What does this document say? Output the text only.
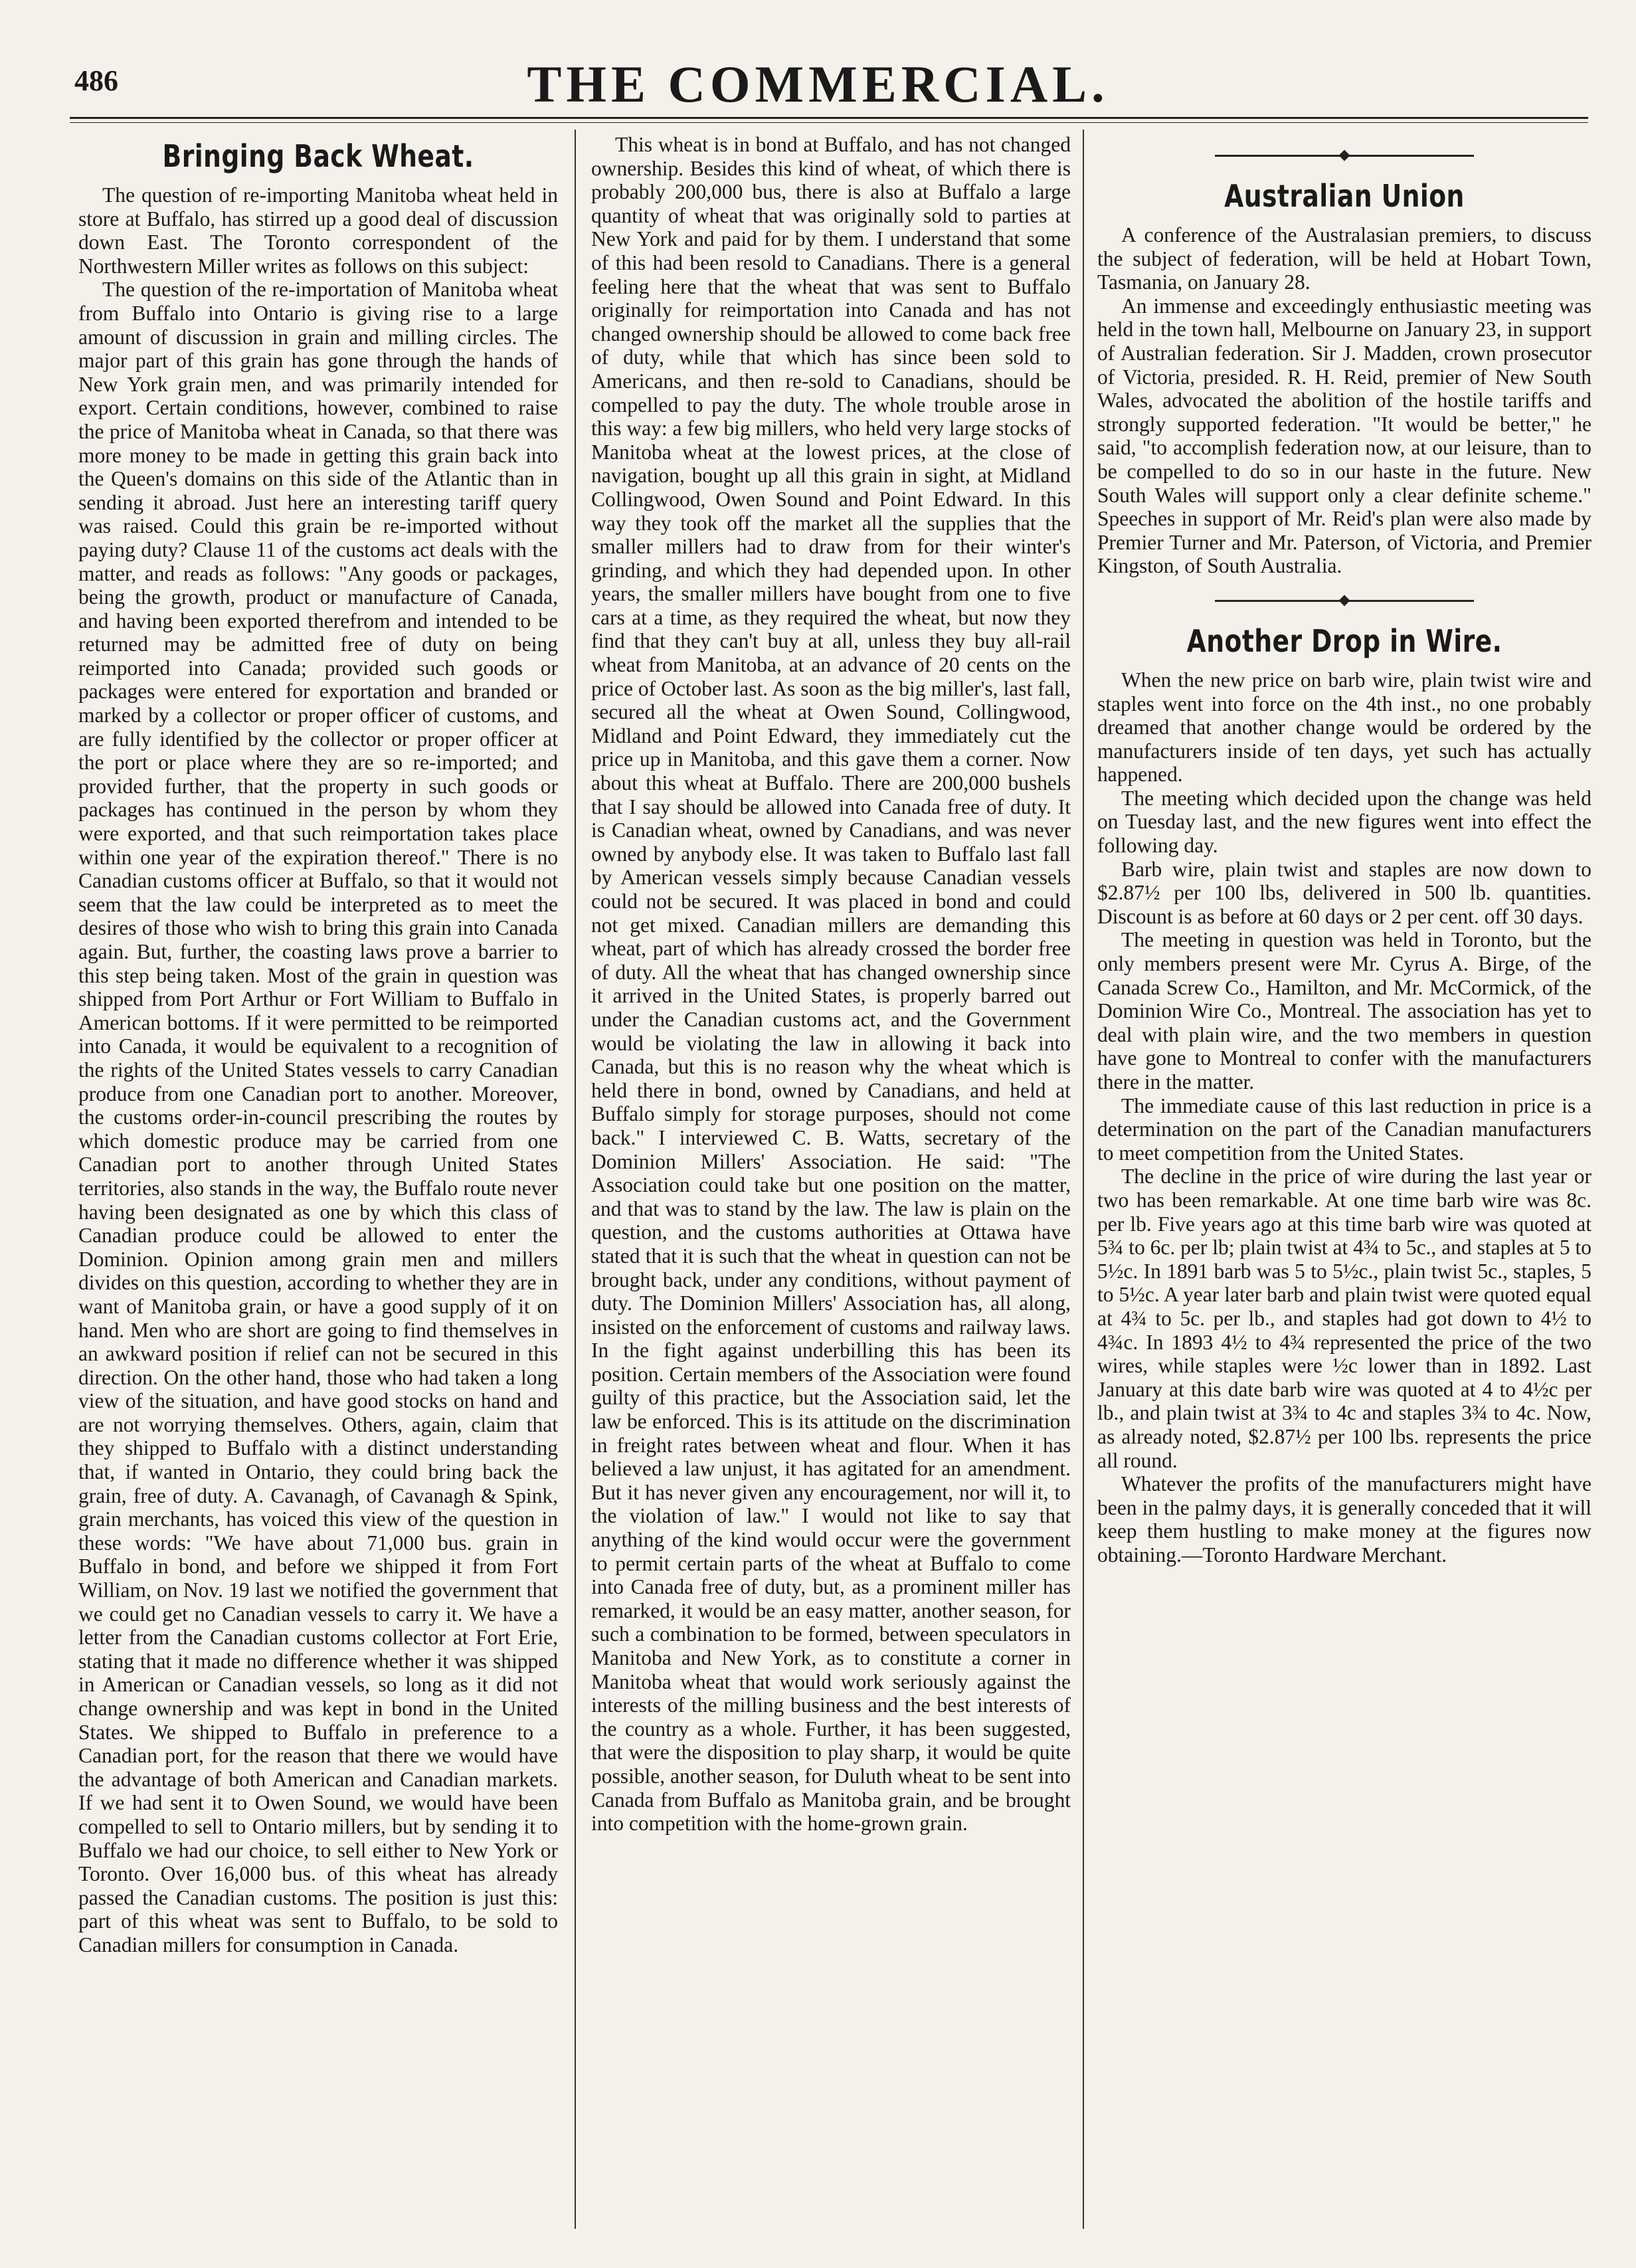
486	THE COMMERCIAL.
Bringing Back Wheat.

The question of re-importing Manitoba wheat held in store at Buffalo, has stirred up a good deal of discussion down East. The Toronto correspondent of the Northwestern Miller writes as follows on this subject:

The question of the re-importation of Manitoba wheat from Buffalo into Ontario is giving rise to a large amount of discussion in grain and milling circles. The major part of this grain has gone through the hands of New York grain men, and was primarily intended for export. Certain conditions, however, combined to raise the price of Manitoba wheat in Canada, so that there was more money to be made in getting this grain back into the Queen's domains on this side of the Atlantic than in sending it abroad. Just here an interesting tariff query was raised. Could this grain be re-imported without paying duty? Clause 11 of the customs act deals with the matter, and reads as follows: "Any goods or packages, being the growth, product or manufacture of Canada, and having been exported therefrom and intended to be returned may be admitted free of duty on being reimported into Canada; provided such goods or packages were entered for exportation and branded or marked by a collector or proper officer of customs, and are fully identified by the collector or proper officer at the port or place where they are so re-imported; and provided further, that the property in such goods or packages has continued in the person by whom they were exported, and that such reimportation takes place within one year of the expiration thereof." There is no Canadian customs officer at Buffalo, so that it would not seem that the law could be interpreted as to meet the desires of those who wish to bring this grain into Canada again. But, further, the coasting laws prove a barrier to this step being taken. Most of the grain in question was shipped from Port Arthur or Fort William to Buffalo in American bottoms. If it were permitted to be reimported into Canada, it would be equivalent to a recognition of the rights of the United States vessels to carry Canadian produce from one Canadian port to another. Moreover, the customs order-in-council prescribing the routes by which domestic produce may be carried from one Canadian port to another through United States territories, also stands in the way, the Buffalo route never having been designated as one by which this class of Canadian produce could be allowed to enter the Dominion. Opinion among grain men and millers divides on this question, according to whether they are in want of Manitoba grain, or have a good supply of it on hand. Men who are short are going to find themselves in an awkward position if relief can not be secured in this direction. On the other hand, those who had taken a long view of the situation, and have good stocks on hand and are not worrying themselves. Others, again, claim that they shipped to Buffalo with a distinct understanding that, if wanted in Ontario, they could bring back the grain, free of duty. A. Cavanagh, of Cavanagh & Spink, grain merchants, has voiced this view of the question in these words: "We have about 71,000 bus. grain in Buffalo in bond, and before we shipped it from Fort William, on Nov. 19 last we notified the government that we could get no Canadian vessels to carry it. We have a letter from the Canadian customs collector at Fort Erie, stating that it made no difference whether it was shipped in American or Canadian vessels, so long as it did not change ownership and was kept in bond in the United States. We shipped to Buffalo in preference to a Canadian port, for the reason that there we would have the advantage of both American and Canadian markets. If we had sent it to Owen Sound, we would have been compelled to sell to Ontario millers, but by sending it to Buffalo we had our choice, to sell either to New York or Toronto. Over 16,000 bus. of this wheat has already passed the Canadian customs. The position is just this: part of this wheat was sent to Buffalo, to be sold to Canadian millers for consumption in Canada.

This wheat is in bond at Buffalo, and has not changed ownership. Besides this kind of wheat, of which there is probably 200,000 bus, there is also at Buffalo a large quantity of wheat that was originally sold to parties at New York and paid for by them. I understand that some of this had been resold to Canadians. There is a general feeling here that the wheat that was sent to Buffalo originally for reimportation into Canada and has not changed ownership should be allowed to come back free of duty, while that which has since been sold to Americans, and then re-sold to Canadians, should be compelled to pay the duty. The whole trouble arose in this way: a few big millers, who held very large stocks of Manitoba wheat at the lowest prices, at the close of navigation, bought up all this grain in sight, at Midland Collingwood, Owen Sound and Point Edward. In this way they took off the market all the supplies that the smaller millers had to draw from for their winter's grinding, and which they had depended upon. In other years, the smaller millers have bought from one to five cars at a time, as they required the wheat, but now they find that they can't buy at all, unless they buy all-rail wheat from Manitoba, at an advance of 20 cents on the price of October last. As soon as the big miller's, last fall, secured all the wheat at Owen Sound, Collingwood, Midland and Point Edward, they immediately cut the price up in Manitoba, and this gave them a corner. Now about this wheat at Buffalo. There are 200,000 bushels that I say should be allowed into Canada free of duty. It is Canadian wheat, owned by Canadians, and was never owned by anybody else. It was taken to Buffalo last fall by American vessels simply because Canadian vessels could not be secured. It was placed in bond and could not get mixed. Canadian millers are demanding this wheat, part of which has already crossed the border free of duty. All the wheat that has changed ownership since it arrived in the United States, is properly barred out under the Canadian customs act, and the Government would be violating the law in allowing it back into Canada, but this is no reason why the wheat which is held there in bond, owned by Canadians, and held at Buffalo simply for storage purposes, should not come back." I interviewed C. B. Watts, secretary of the Dominion Millers' Association. He said: "The Association could take but one position on the matter, and that was to stand by the law. The law is plain on the question, and the customs authorities at Ottawa have stated that it is such that the wheat in question can not be brought back, under any conditions, without payment of duty. The Dominion Millers' Association has, all along, insisted on the enforcement of customs and railway laws. In the fight against underbilling this has been its position. Certain members of the Association were found guilty of this practice, but the Association said, let the law be enforced. This is its attitude on the discrimination in freight rates between wheat and flour. When it has believed a law unjust, it has agitated for an amendment. But it has never given any encouragement, nor will it, to the violation of law." I would not like to say that anything of the kind would occur were the government to permit certain parts of the wheat at Buffalo to come into Canada free of duty, but, as a prominent miller has remarked, it would be an easy matter, another season, for such a combination to be formed, between speculators in Manitoba and New York, as to constitute a corner in Manitoba wheat that would work seriously against the interests of the milling business and the best interests of the country as a whole. Further, it has been suggested, that were the disposition to play sharp, it would be quite possible, another season, for Duluth wheat to be sent into Canada from Buffalo as Manitoba grain, and be brought into competition with the home-grown grain.

Australian Union

A conference of the Australasian premiers, to discuss the subject of federation, will be held at Hobart Town, Tasmania, on January 28.

An immense and exceedingly enthusiastic meeting was held in the town hall, Melbourne on January 23, in support of Australian federation. Sir J. Madden, crown prosecutor of Victoria, presided. R. H. Reid, premier of New South Wales, advocated the abolition of the hostile tariffs and strongly supported federation. "It would be better," he said, "to accomplish federation now, at our leisure, than to be compelled to do so in our haste in the future. New South Wales will support only a clear definite scheme." Speeches in support of Mr. Reid's plan were also made by Premier Turner and Mr. Paterson, of Victoria, and Premier Kingston, of South Australia.

Another Drop in Wire.

When the new price on barb wire, plain twist wire and staples went into force on the 4th inst., no one probably dreamed that another change would be ordered by the manufacturers inside of ten days, yet such has actually happened.

The meeting which decided upon the change was held on Tuesday last, and the new figures went into effect the following day.

Barb wire, plain twist and staples are now down to $2.87½ per 100 lbs, delivered in 500 lb. quantities. Discount is as before at 60 days or 2 per cent. off 30 days.

The meeting in question was held in Toronto, but the only members present were Mr. Cyrus A. Birge, of the Canada Screw Co., Hamilton, and Mr. McCormick, of the Dominion Wire Co., Montreal. The association has yet to deal with plain wire, and the two members in question have gone to Montreal to confer with the manufacturers there in the matter.

The immediate cause of this last reduction in price is a determination on the part of the Canadian manufacturers to meet competition from the United States.

The decline in the price of wire during the last year or two has been remarkable. At one time barb wire was 8c. per lb. Five years ago at this time barb wire was quoted at 5¾ to 6c. per lb; plain twist at 4¾ to 5c., and staples at 5 to 5½c. In 1891 barb was 5 to 5½c., plain twist 5c., staples, 5 to 5½c. A year later barb and plain twist were quoted equal at 4¾ to 5c. per lb., and staples had got down to 4½ to 4¾c. In 1893 4½ to 4¾ represented the price of the two wires, while staples were ½c lower than in 1892. Last January at this date barb wire was quoted at 4 to 4½c per lb., and plain twist at 3¾ to 4c and staples 3¾ to 4c. Now, as already noted, $2.87½ per 100 lbs. represents the price all round.

Whatever the profits of the manufacturers might have been in the palmy days, it is generally conceded that it will keep them hustling to make money at the figures now obtaining.—Toronto Hardware Merchant.
